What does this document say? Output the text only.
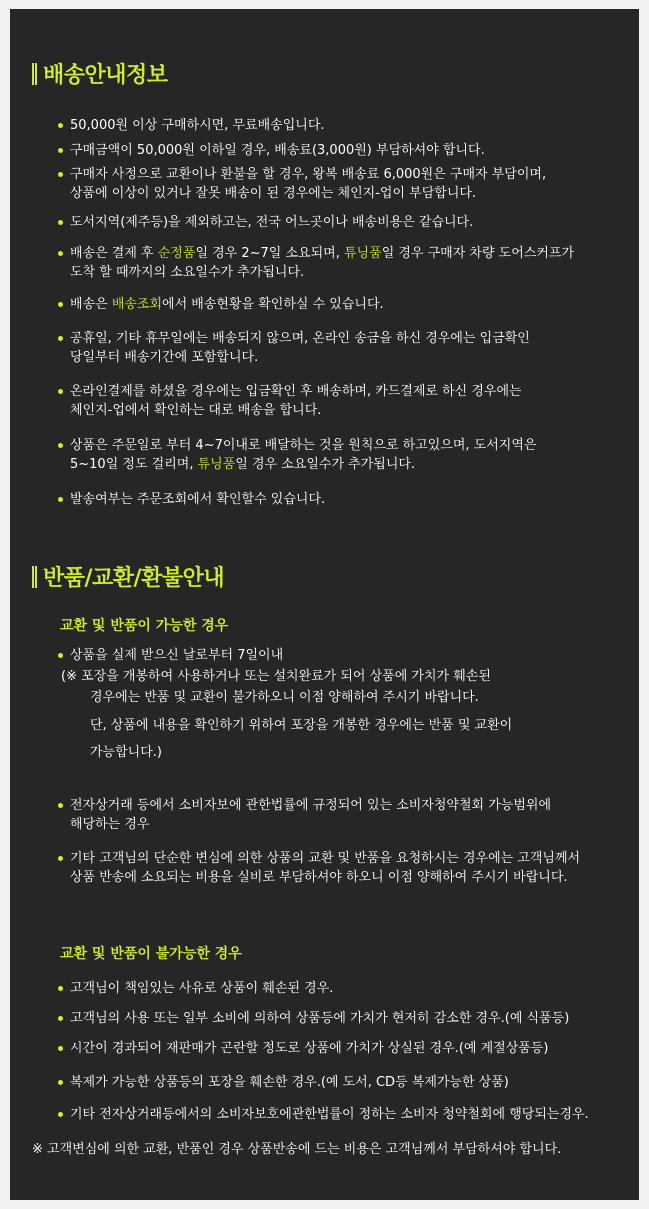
배송안내정보
50,000원 이상 구매하시면, 무료배송입니다.
구매금액이 50,000원 이하일 경우, 배송료(3,000원) 부담하셔야 합니다.
구매자 사정으로 교환이나 환불을 할 경우, 왕복 배송료 6,000원은 구매자 부담이며,
상품에 이상이 있거나 잘못 배송이 된 경우에는 체인지-업이 부담합니다.
도서지역(제주등)을 제외하고는, 전국 어느곳이나 배송비용은 같습니다.
배송은 결제 후 순정품일 경우 2~7일 소요되며, 튜닝품일 경우 구매자 차량 도어스커프가
도착 할 때까지의 소요일수가 추가됩니다.
배송은 배송조회에서 배송현황을 확인하실 수 있습니다.
공휴일, 기타 휴무일에는 배송되지 않으며, 온라인 송금을 하신 경우에는 입금확인
당일부터 배송기간에 포함합니다.
온라인결제를 하셨을 경우에는 입금확인 후 배송하며, 카드결제로 하신 경우에는
체인지-업에서 확인하는 대로 배송을 합니다.
상품은 주문일로 부터 4~7이내로 배달하는 것을 원칙으로 하고있으며, 도서지역은
5~10일 정도 걸리며, 튜닝품일 경우 소요일수가 추가됩니다.
발송여부는 주문조회에서 확인할수 있습니다.
반품/교환/환불안내
교환 및 반품이 가능한 경우
상품을 실제 받으신 날로부터 7일이내
(※ 포장을 개봉하여 사용하거나 또는 설치완료가 되어 상품에 가치가 훼손된
경우에는 반품 및 교환이 불가하오니 이점 양해하여 주시기 바랍니다.
단, 상품에 내용을 확인하기 위하여 포장을 개봉한 경우에는 반품 및 교환이
가능합니다.)
전자상거래 등에서 소비자보에 관한법률에 규정되어 있는 소비자청약철회 가능범위에
해당하는 경우
기타 고객님의 단순한 변심에 의한 상품의 교환 및 반품을 요청하시는 경우에는 고객님께서
상품 반송에 소요되는 비용을 실비로 부담하셔야 하오니 이점 양해하여 주시기 바랍니다.
교환 및 반품이 불가능한 경우
고객님이 책임있는 사유로 상품이 훼손된 경우.
고객님의 사용 또는 일부 소비에 의하여 상품등에 가치가 현저히 감소한 경우.(예 식품등)
시간이 경과되어 재판매가 곤란할 정도로 상품에 가치가 상실된 경우.(예 계절상품등)
복제가 가능한 상품등의 포장을 훼손한 경우.(예 도서, CD등 복제가능한 상품)
기타 전자상거래등에서의 소비자보호에관한법률이 정하는 소비자 청약철회에 행당되는경우.
※ 고객변심에 의한 교환, 반품인 경우 상품반송에 드는 비용은 고객님께서 부담하셔야 합니다.
